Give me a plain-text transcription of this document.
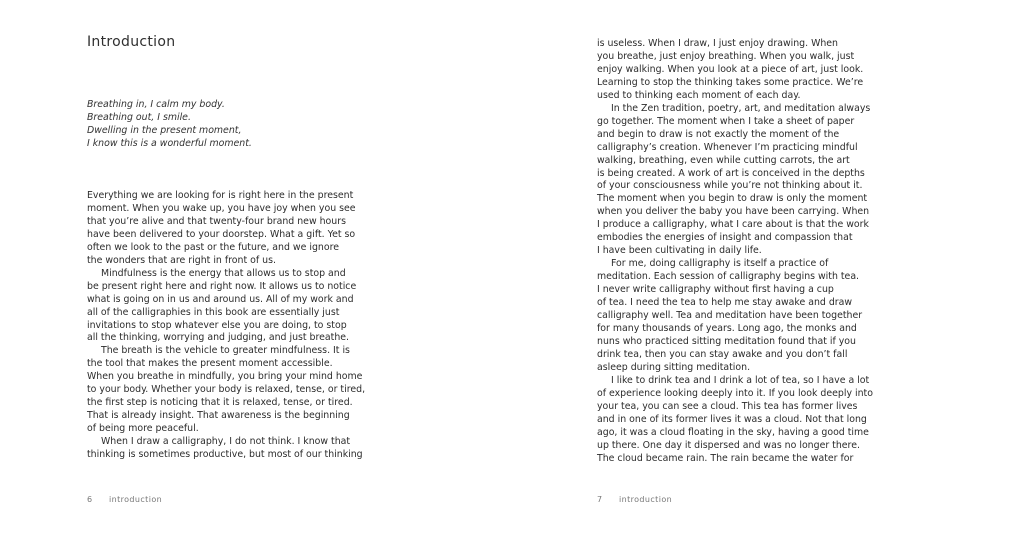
Introduction
Breathing in, I calm my body.
Breathing out, I smile.
Dwelling in the present moment,
I know this is a wonderful moment.
Everything we are looking for is right here in the present
moment. When you wake up, you have joy when you see
that you’re alive and that twenty-four brand new hours
have been delivered to your doorstep. What a gift. Yet so
often we look to the past or the future, and we ignore
the wonders that are right in front of us.
Mindfulness is the energy that allows us to stop and
be present right here and right now. It allows us to notice
what is going on in us and around us. All of my work and
all of the calligraphies in this book are essentially just
invitations to stop whatever else you are doing, to stop
all the thinking, worrying and judging, and just breathe.
The breath is the vehicle to greater mindfulness. It is
the tool that makes the present moment accessible.
When you breathe in mindfully, you bring your mind home
to your body. Whether your body is relaxed, tense, or tired,
the first step is noticing that it is relaxed, tense, or tired.
That is already insight. That awareness is the beginning
of being more peaceful.
When I draw a calligraphy, I do not think. I know that
thinking is sometimes productive, but most of our thinking
6 introduction
is useless. When I draw, I just enjoy drawing. When
you breathe, just enjoy breathing. When you walk, just
enjoy walking. When you look at a piece of art, just look.
Learning to stop the thinking takes some practice. We’re
used to thinking each moment of each day.
In the Zen tradition, poetry, art, and meditation always
go together. The moment when I take a sheet of paper
and begin to draw is not exactly the moment of the
calligraphy’s creation. Whenever I’m practicing mindful
walking, breathing, even while cutting carrots, the art
is being created. A work of art is conceived in the depths
of your consciousness while you’re not thinking about it.
The moment when you begin to draw is only the moment
when you deliver the baby you have been carrying. When
I produce a calligraphy, what I care about is that the work
embodies the energies of insight and compassion that
I have been cultivating in daily life.
For me, doing calligraphy is itself a practice of
meditation. Each session of calligraphy begins with tea.
I never write calligraphy without first having a cup
of tea. I need the tea to help me stay awake and draw
calligraphy well. Tea and meditation have been together
for many thousands of years. Long ago, the monks and
nuns who practiced sitting meditation found that if you
drink tea, then you can stay awake and you don’t fall
asleep during sitting meditation.
I like to drink tea and I drink a lot of tea, so I have a lot
of experience looking deeply into it. If you look deeply into
your tea, you can see a cloud. This tea has former lives
and in one of its former lives it was a cloud. Not that long
ago, it was a cloud floating in the sky, having a good time
up there. One day it dispersed and was no longer there.
The cloud became rain. The rain became the water for
7 introduction
